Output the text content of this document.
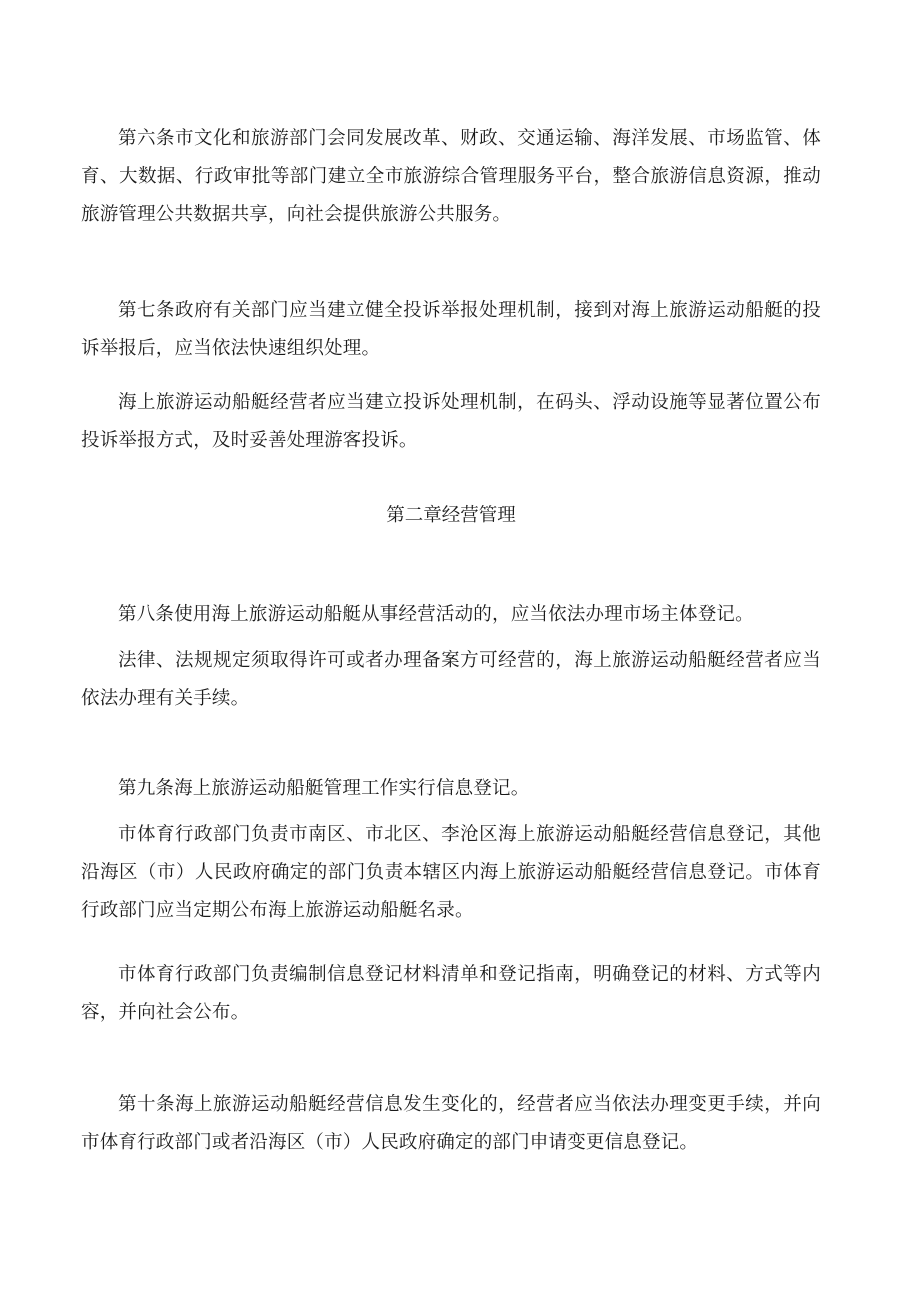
第六条市文化和旅游部门会同发展改革、财政、交通运输、海洋发展、市场监管、体育、大数据、行政审批等部门建立全市旅游综合管理服务平台，整合旅游信息资源，推动旅游管理公共数据共享，向社会提供旅游公共服务。

第七条政府有关部门应当建立健全投诉举报处理机制，接到对海上旅游运动船艇的投诉举报后，应当依法快速组织处理。

海上旅游运动船艇经营者应当建立投诉处理机制，在码头、浮动设施等显著位置公布投诉举报方式，及时妥善处理游客投诉。

第二章经营管理

第八条使用海上旅游运动船艇从事经营活动的，应当依法办理市场主体登记。

法律、法规规定须取得许可或者办理备案方可经营的，海上旅游运动船艇经营者应当依法办理有关手续。

第九条海上旅游运动船艇管理工作实行信息登记。

市体育行政部门负责市南区、市北区、李沧区海上旅游运动船艇经营信息登记，其他沿海区（市）人民政府确定的部门负责本辖区内海上旅游运动船艇经营信息登记。市体育行政部门应当定期公布海上旅游运动船艇名录。

市体育行政部门负责编制信息登记材料清单和登记指南，明确登记的材料、方式等内容，并向社会公布。

第十条海上旅游运动船艇经营信息发生变化的，经营者应当依法办理变更手续，并向市体育行政部门或者沿海区（市）人民政府确定的部门申请变更信息登记。
